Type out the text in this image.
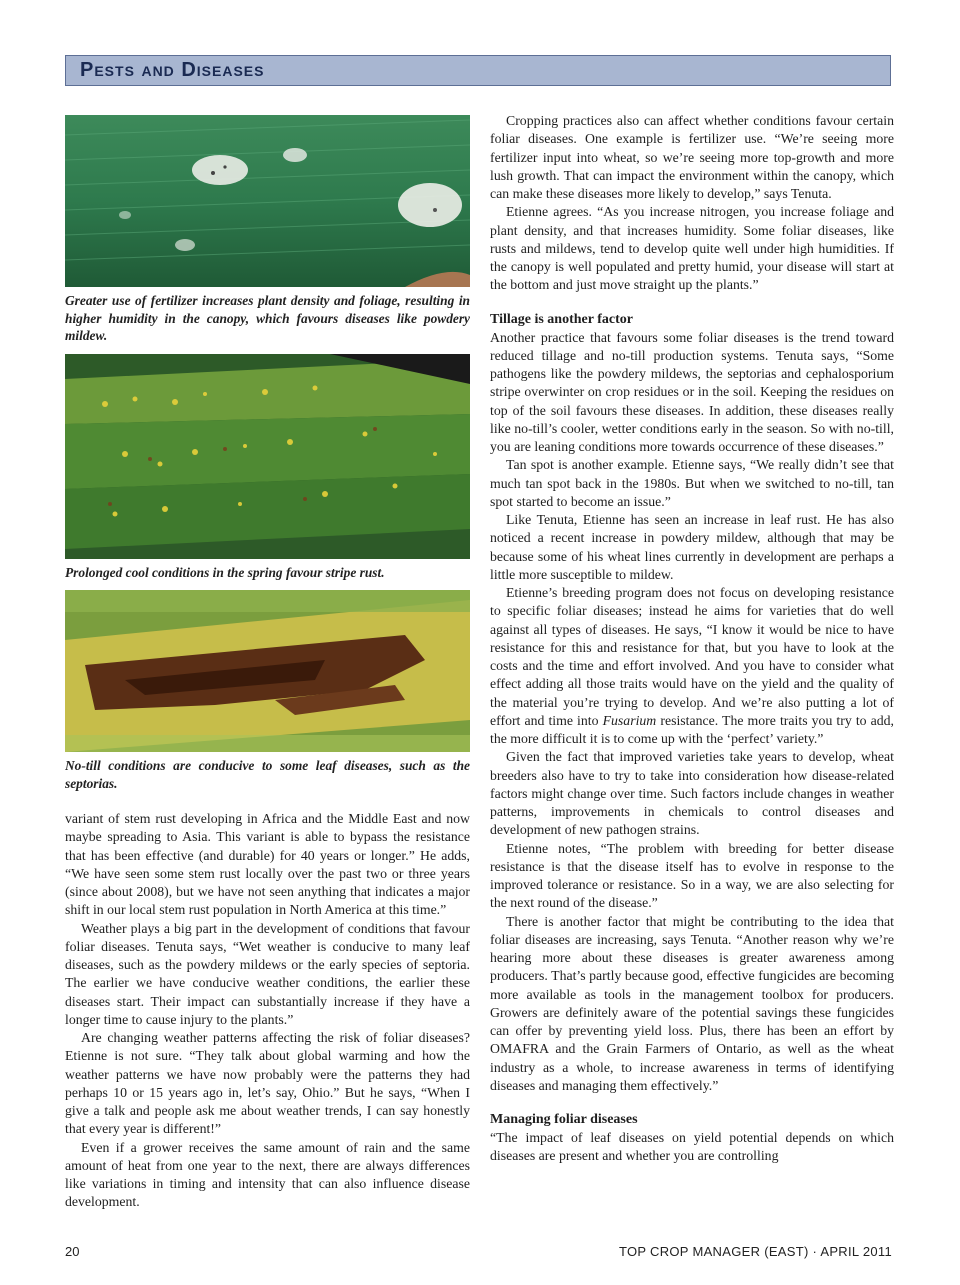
Pests and Diseases

Greater use of fertilizer increases plant density and foliage, resulting in higher humidity in the canopy, which favours diseases like powdery mildew.

Prolonged cool conditions in the spring favour stripe rust.

No-till conditions are conducive to some leaf diseases, such as the septorias.

variant of stem rust developing in Africa and the Middle East and now maybe spreading to Asia. This variant is able to bypass the resistance that has been effective (and durable) for 40 years or longer.” He adds, “We have seen some stem rust locally over the past two or three years (since about 2008), but we have not seen anything that indicates a major shift in our local stem rust population in North America at this time.”

Weather plays a big part in the development of conditions that favour foliar diseases. Tenuta says, “Wet weather is conducive to many leaf diseases, such as the powdery mildews or the early species of septoria. The earlier we have conducive weather conditions, the earlier these diseases start. Their impact can substantially increase if they have a longer time to cause injury to the plants.”

Are changing weather patterns affecting the risk of foliar diseases? Etienne is not sure. “They talk about global warming and how the weather patterns we have now probably were the patterns they had perhaps 10 or 15 years ago in, let’s say, Ohio.” But he says, “When I give a talk and people ask me about weather trends, I can say honestly that every year is different!”

Even if a grower receives the same amount of rain and the same amount of heat from one year to the next, there are always differences like variations in timing and intensity that can also influence disease development.

Cropping practices also can affect whether conditions favour certain foliar diseases. One example is fertilizer use. “We’re seeing more fertilizer input into wheat, so we’re seeing more top-growth and more lush growth. That can impact the environment within the canopy, which can make these diseases more likely to develop,” says Tenuta.

Etienne agrees. “As you increase nitrogen, you increase foliage and plant density, and that increases humidity. Some foliar diseases, like rusts and mildews, tend to develop quite well under high humidities. If the canopy is well populated and pretty humid, your disease will start at the bottom and just move straight up the plants.”

Tillage is another factor

Another practice that favours some foliar diseases is the trend toward reduced tillage and no-till production systems. Tenuta says, “Some pathogens like the powdery mildews, the septorias and cephalosporium stripe overwinter on crop residues or in the soil. Keeping the residues on top of the soil favours these diseases. In addition, these diseases really like no-till’s cooler, wetter conditions early in the season. So with no-till, you are leaning conditions more towards occurrence of these diseases.”

Tan spot is another example. Etienne says, “We really didn’t see that much tan spot back in the 1980s. But when we switched to no-till, tan spot started to become an issue.”

Like Tenuta, Etienne has seen an increase in leaf rust. He has also noticed a recent increase in powdery mildew, although that may be because some of his wheat lines currently in development are perhaps a little more susceptible to mildew.

Etienne’s breeding program does not focus on developing resistance to specific foliar diseases; instead he aims for varieties that do well against all types of diseases. He says, “I know it would be nice to have resistance for this and resistance for that, but you have to look at the costs and the time and effort involved. And you have to consider what effect adding all those traits would have on the yield and the quality of the material you’re trying to develop. And we’re also putting a lot of effort and time into Fusarium resistance. The more traits you try to add, the more difficult it is to come up with the ‘perfect’ variety.”

Given the fact that improved varieties take years to develop, wheat breeders also have to try to take into consideration how disease-related factors might change over time. Such factors include changes in weather patterns, improvements in chemicals to control diseases and development of new pathogen strains.

Etienne notes, “The problem with breeding for better disease resistance is that the disease itself has to evolve in response to the improved tolerance or resistance. So in a way, we are also selecting for the next round of the disease.”

There is another factor that might be contributing to the idea that foliar diseases are increasing, says Tenuta. “Another reason why we’re hearing more about these diseases is greater awareness among producers. That’s partly because good, effective fungicides are becoming more available as tools in the management toolbox for producers. Growers are definitely aware of the potential savings these fungicides can offer by preventing yield loss. Plus, there has been an effort by OMAFRA and the Grain Farmers of Ontario, as well as the wheat industry as a whole, to increase awareness in terms of identifying diseases and managing them effectively.”

Managing foliar diseases

“The impact of leaf diseases on yield potential depends on which diseases are present and whether you are controlling

20	TOP CROP MANAGER (EAST) · APRIL 2011
